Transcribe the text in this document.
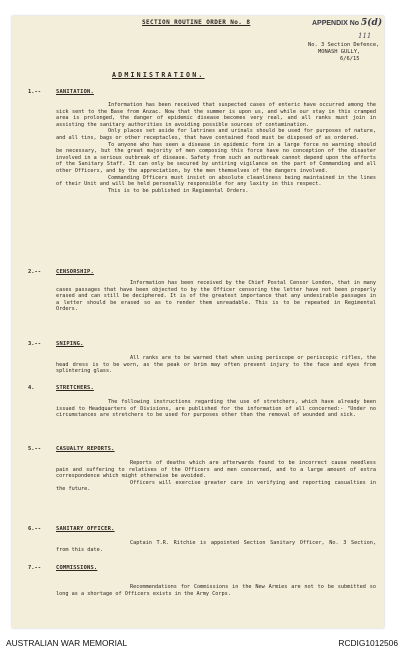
SECTION ROUTINE ORDER No. 8	APPENDIX No 5(d)
111
No. 3 Section Defence,
MONASH GULLY,
6/6/15
ADMINISTRATION.
1.--	SANITATION.

Information has been received that suspected cases of enteric have occurred among the sick sent to the Base from Anzac. Now that the summer is upon us, and while our stay in this cramped area is prolonged, the danger of epidemic disease becomes very real, and all ranks must join in assisting the sanitary authorities in avoiding possible sources of contamination.

Only places set aside for latrines and urinals should be used for purposes of nature, and all tins, bags or other receptacles, that have contained food must be disposed of as ordered.

To anyone who has seen a disease in epidemic form in a large force no warning should be necessary, but the great majority of men composing this force have no conception of the disaster involved in a serious outbreak of disease. Safety from such an outbreak cannot depend upon the efforts of the Sanitary Staff. It can only be secured by untiring vigilance on the part of Commanding and all other Officers, and by the appreciation, by the men themselves of the dangers involved.

Commanding Officers must insist on absolute cleanliness being maintained in the lines of their Unit and will be held personally responsible for any laxity in this respect.

This is to be published in Regimental Orders.

2.--	CENSORSHIP.

Information has been received by the Chief Postal Censor London, that in many cases passages that have been objected to by the Officer censoring the letter have not been properly erased and can still be deciphered. It is of the greatest importance that any undesirable passages in a letter should be erased so as to render them unreadable. This is to be repeated in Regimental Orders.

3.--	SNIPING.

All ranks are to be warned that when using periscope or periscopic rifles, the head dress is to be worn, as the peak or brim may often prevent injury to the face and eyes from splintering glass.

4.	STRETCHERS.

The following instructions regarding the use of stretchers, which have already been issued to Headquarters of Divisions, are published for the information of all concerned:- "Under no circumstances are stretchers to be used for purposes other than the removal of wounded and sick.

5.--	CASUALTY REPORTS.

Reports of deaths which are afterwards found to be incorrect cause needless pain and suffering to relatives of the Officers and men concerned, and to a large amount of extra correspondence which might otherwise be avoided.

Officers will exercise greater care in verifying and reporting casualties in the future.

6.--	SANITARY OFFICER.

Captain T.R. Ritchie is appointed Section Sanitary Officer, No. 3 Section, from this date.

7.--	COMMISSIONS.

Recommendations for Commissions in the New Armies are not to be submitted so long as a shortage of Officers exists in the Army Corps.

AUSTRALIAN WAR MEMORIAL	RCDIG1012506
